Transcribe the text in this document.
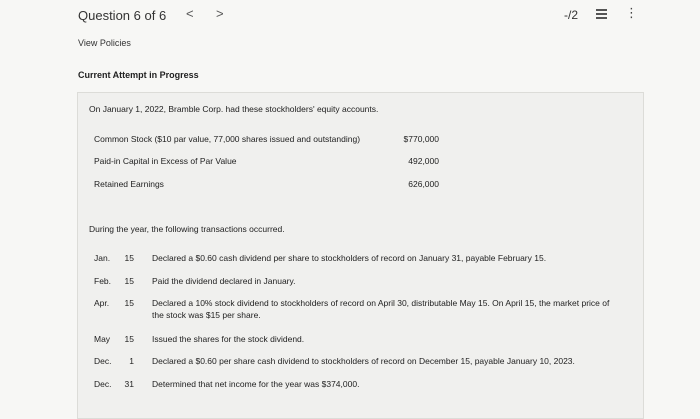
Question 6 of 6 < >	-/2	⋮
View Policies
Current Attempt in Progress
On January 1, 2022, Bramble Corp. had these stockholders' equity accounts.
Common Stock ($10 par value, 77,000 shares issued and outstanding)	$770,000
Paid-in Capital in Excess of Par Value	492,000
Retained Earnings	626,000
During the year, the following transactions occurred.
Jan.	15 Declared a $0.60 cash dividend per share to stockholders of record on January 31, payable February 15.
Feb.	15 Paid the dividend declared in January.
Apr.	15 Declared a 10% stock dividend to stockholders of record on April 30, distributable May 15. On April 15, the market price of the stock was $15 per share.
May	15 Issued the shares for the stock dividend.
Dec.	1 Declared a $0.60 per share cash dividend to stockholders of record on December 15, payable January 10, 2023.
Dec.	31 Determined that net income for the year was $374,000.
